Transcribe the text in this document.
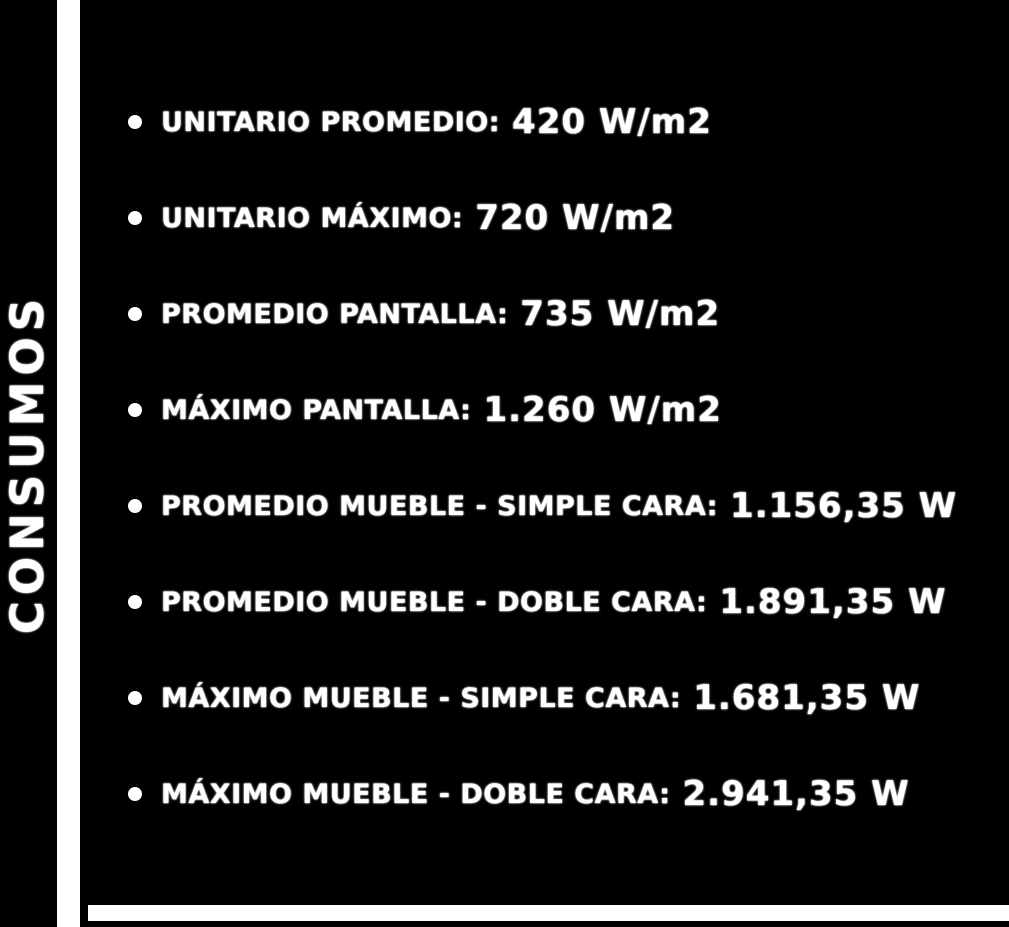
CONSUMOS
UNITARIO PROMEDIO: 420 W/m2
UNITARIO MÁXIMO: 720 W/m2
PROMEDIO PANTALLA: 735 W/m2
MÁXIMO PANTALLA: 1.260 W/m2
PROMEDIO MUEBLE - SIMPLE CARA: 1.156,35 W
PROMEDIO MUEBLE - DOBLE CARA: 1.891,35 W
MÁXIMO MUEBLE - SIMPLE CARA: 1.681,35 W
MÁXIMO MUEBLE - DOBLE CARA: 2.941,35 W
